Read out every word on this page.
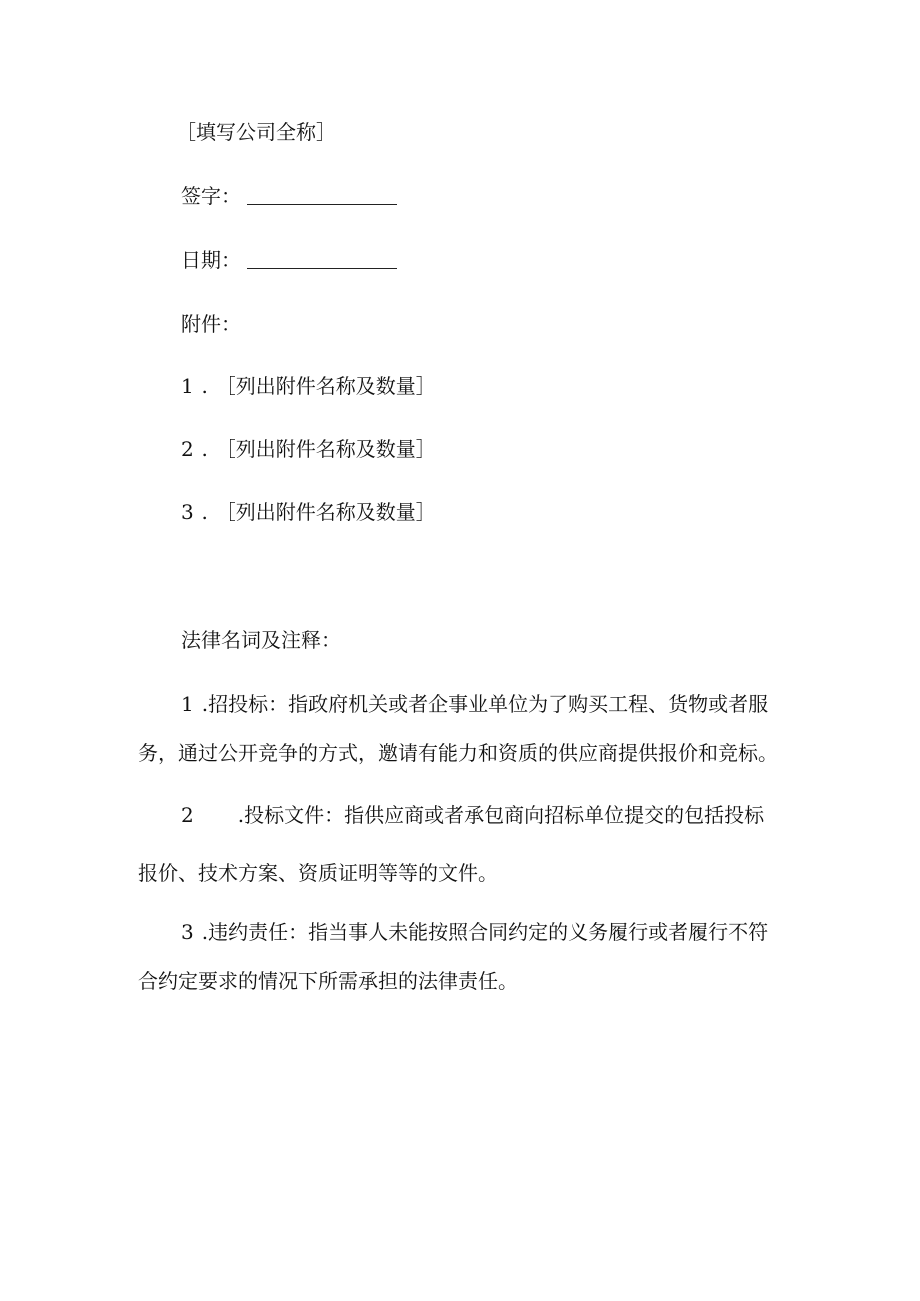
［填写公司全称］
签字：
日期：
附件：
1 . ［列出附件名称及数量］
2 . ［列出附件名称及数量］
3 . ［列出附件名称及数量］
法律名词及注释：
1 .招投标：指政府机关或者企事业单位为了购买工程、货物或者服
务，通过公开竞争的方式，邀请有能力和资质的供应商提供报价和竞标。
2 .投标文件：指供应商或者承包商向招标单位提交的包括投标
报价、技术方案、资质证明等等的文件。
3 .违约责任：指当事人未能按照合同约定的义务履行或者履行不符
合约定要求的情况下所需承担的法律责任。
